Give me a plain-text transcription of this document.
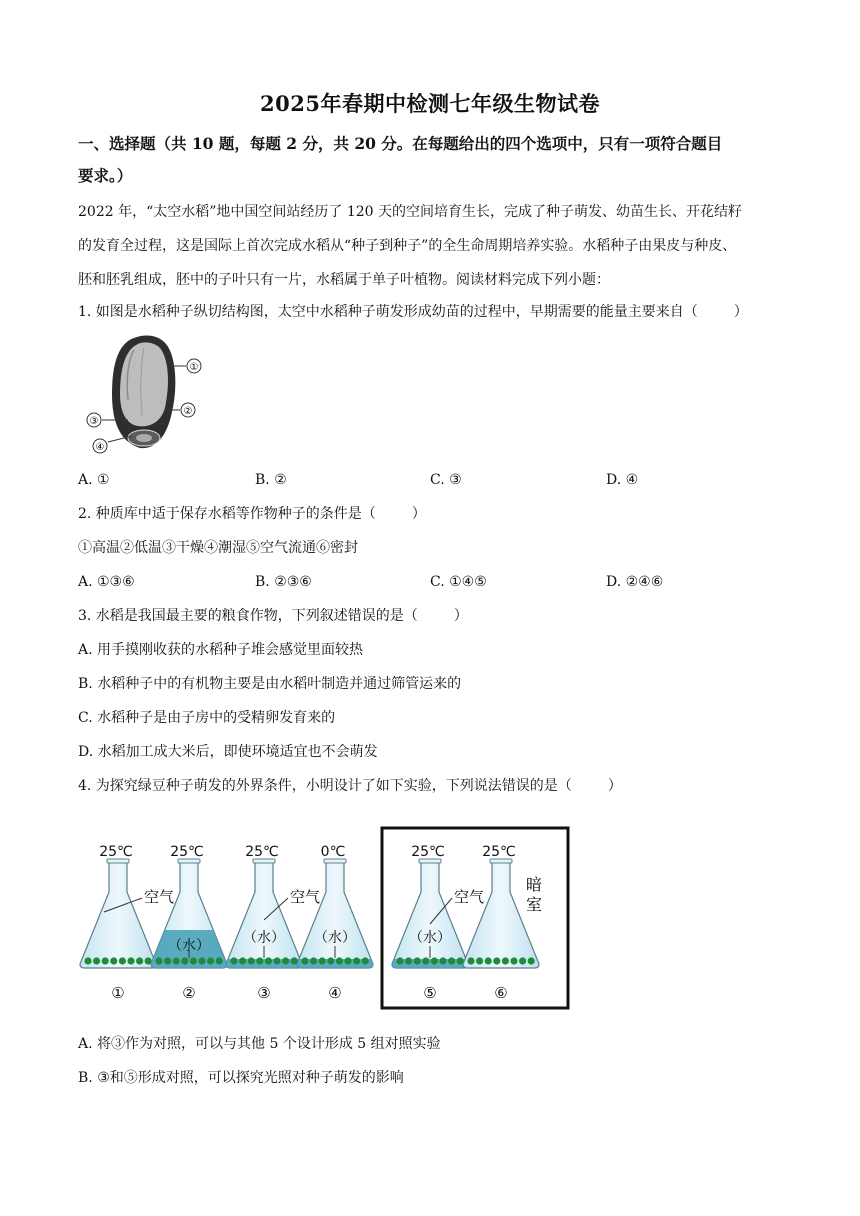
2025年春期中检测七年级生物试卷
一、选择题（共 10 题，每题 2 分，共 20 分。在每题给出的四个选项中，只有一项符合题目
要求。）
2022 年，“太空水稻”地中国空间站经历了 120 天的空间培育生长，完成了种子萌发、幼苗生长、开花结籽
的发育全过程，这是国际上首次完成水稻从“种子到种子”的全生命周期培养实验。水稻种子由果皮与种皮、
胚和胚乳组成，胚中的子叶只有一片，水稻属于单子叶植物。阅读材料完成下列小题：
1. 如图是水稻种子纵切结构图，太空中水稻种子萌发形成幼苗的过程中，早期需要的能量主要来自（	）
①
②
③
④
A. ①	B. ②	C. ③	D. ④
2. 种质库中适于保存水稻等作物种子的条件是（	）
①高温②低温③干燥④潮湿⑤空气流通⑥密封
A. ①③⑥	B. ②③⑥	C. ①④⑤	D. ②④⑥
3. 水稻是我国最主要的粮食作物，下列叙述错误的是（	）
A. 用手摸刚收获的水稻种子堆会感觉里面较热
B. 水稻种子中的有机物主要是由水稻叶制造并通过筛管运来的
C. 水稻种子是由子房中的受精卵发育来的
D. 水稻加工成大米后，即使环境适宜也不会萌发
4. 为探究绿豆种子萌发的外界条件，小明设计了如下实验，下列说法错误的是（	）
25℃
①
25℃
②
（水）
25℃
③
（水）
0℃
④
（水）
25℃
⑤
（水）
25℃
⑥
空气	空气	空气
暗
室
A. 将③作为对照，可以与其他 5 个设计形成 5 组对照实验
B. ③和⑤形成对照，可以探究光照对种子萌发的影响
